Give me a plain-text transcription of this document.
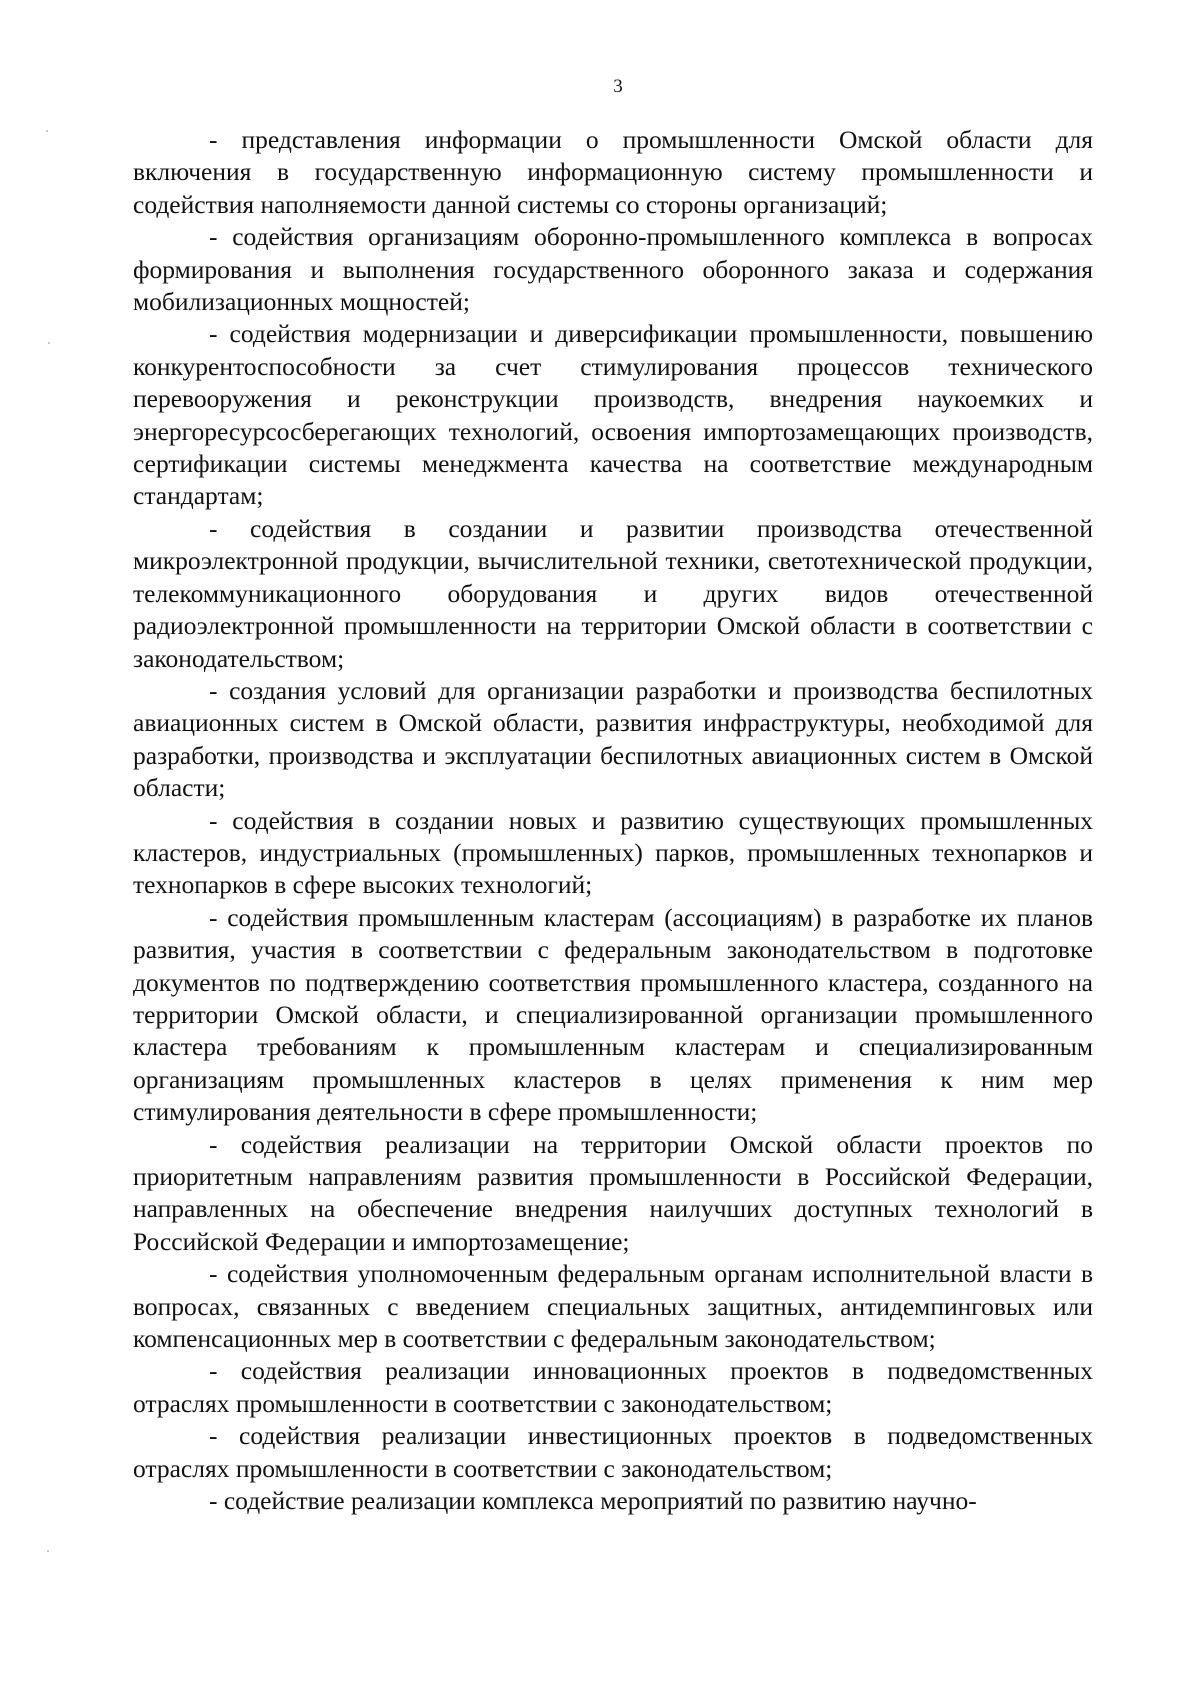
3

- представления информации о промышленности Омской области для включения в государственную информационную систему промышленности и содействия наполняемости данной системы со стороны организаций;

- содействия организациям оборонно-промышленного комплекса в вопросах формирования и выполнения государственного оборонного заказа и содержания мобилизационных мощностей;

- содействия модернизации и диверсификации промышленности, повышению конкурентоспособности за счет стимулирования процессов технического перевооружения и реконструкции производств, внедрения наукоемких и энергоресурсосберегающих технологий, освоения импортозамещающих производств, сертификации системы менеджмента качества на соответствие международным стандартам;

- содействия в создании и развитии производства отечественной микроэлектронной продукции, вычислительной техники, светотехнической продукции, телекоммуникационного оборудования и других видов отечественной радиоэлектронной промышленности на территории Омской области в соответствии с законодательством;

- создания условий для организации разработки и производства беспилотных авиационных систем в Омской области, развития инфраструктуры, необходимой для разработки, производства и эксплуатации беспилотных авиационных систем в Омской области;

- содействия в создании новых и развитию существующих промышленных кластеров, индустриальных (промышленных) парков, промышленных технопарков и технопарков в сфере высоких технологий;

- содействия промышленным кластерам (ассоциациям) в разработке их планов развития, участия в соответствии с федеральным законодательством в подготовке документов по подтверждению соответствия промышленного кластера, созданного на территории Омской области, и специализированной организации промышленного кластера требованиям к промышленным кластерам и специализированным организациям промышленных кластеров в целях применения к ним мер стимулирования деятельности в сфере промышленности;

- содействия реализации на территории Омской области проектов по приоритетным направлениям развития промышленности в Российской Федерации, направленных на обеспечение внедрения наилучших доступных технологий в Российской Федерации и импортозамещение;

- содействия уполномоченным федеральным органам исполнительной власти в вопросах, связанных с введением специальных защитных, антидемпинговых или компенсационных мер в соответствии с федеральным законодательством;

- содействия реализации инновационных проектов в подведомственных отраслях промышленности в соответствии с законодательством;

- содействия реализации инвестиционных проектов в подведомственных отраслях промышленности в соответствии с законодательством;

- содействие реализации комплекса мероприятий по развитию научно-
